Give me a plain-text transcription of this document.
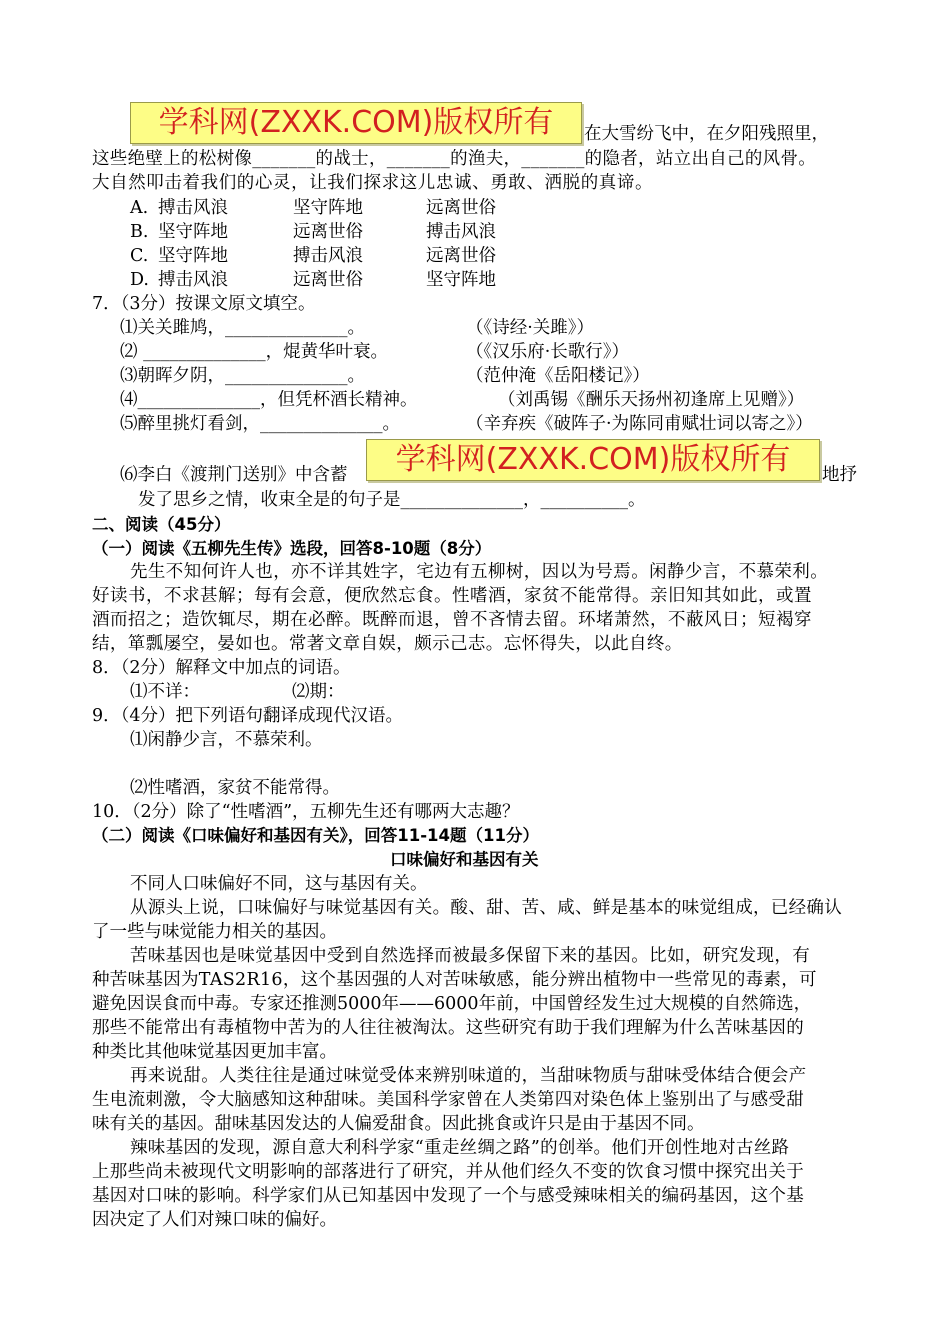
学科网(ZXXK.COM)版权所有	在大雪纷飞中，在夕阳残照里，
这些绝壁上的松树像_______的战士，_______的渔夫，_______的隐者，站立出自己的风骨。
大自然叩击着我们的心灵，让我们探求这儿忠诚、勇敢、洒脱的真谛。
A. 搏击风浪	坚守阵地	远离世俗
B. 坚守阵地	远离世俗	搏击风浪
C. 坚守阵地	搏击风浪	远离世俗
D. 搏击风浪	远离世俗	坚守阵地
7．（3分）按课文原文填空。
⑴关关雎鸠，______________。	（《诗经·关雎》）
⑵ ______________，焜黄华叶衰。	（《汉乐府·长歌行》）
⑶朝晖夕阴，______________。	（范仲淹《岳阳楼记》）
⑷______________，但凭杯酒长精神。	（刘禹锡《酬乐天扬州初逢席上见赠》）
⑸醉里挑灯看剑，______________。	（辛弃疾《破阵子·为陈同甫赋壮词以寄之》）
⑹李白《渡荆门送别》中含蓄	地抒
学科网(ZXXK.COM)版权所有
发了思乡之情，收束全是的句子是______________，__________。
二、阅读（45分）
（一）阅读《五柳先生传》选段，回答8-10题（8分）
先生不知何许人也，亦不详其姓字，宅边有五柳树，因以为号焉。闲静少言，不慕荣利。
好读书，不求甚解；每有会意，便欣然忘食。性嗜酒，家贫不能常得。亲旧知其如此，或置
酒而招之；造饮辄尽，期在必醉。既醉而退，曾不吝情去留。环堵萧然，不蔽风日；短褐穿
结，箪瓢屡空，晏如也。常著文章自娱，颇示己志。忘怀得失，以此自终。
8．（2分）解释文中加点的词语。
⑴不详：	⑵期：
9．（4分）把下列语句翻译成现代汉语。
⑴闲静少言，不慕荣利。
⑵性嗜酒，家贫不能常得。
10．（2分）除了“性嗜酒”，五柳先生还有哪两大志趣？
（二）阅读《口味偏好和基因有关》，回答11-14题（11分）
口味偏好和基因有关
不同人口味偏好不同，这与基因有关。
从源头上说，口味偏好与味觉基因有关。酸、甜、苦、咸、鲜是基本的味觉组成，已经确认
了一些与味觉能力相关的基因。
苦味基因也是味觉基因中受到自然选择而被最多保留下来的基因。比如，研究发现，有
种苦味基因为TAS2R16，这个基因强的人对苦味敏感，能分辨出植物中一些常见的毒素，可
避免因误食而中毒。专家还推测5000年——6000年前，中国曾经发生过大规模的自然筛选，
那些不能常出有毒植物中苦为的人往往被淘汰。这些研究有助于我们理解为什么苦味基因的
种类比其他味觉基因更加丰富。
再来说甜。人类往往是通过味觉受体来辨别味道的，当甜味物质与甜味受体结合便会产
生电流刺激，令大脑感知这种甜味。美国科学家曾在人类第四对染色体上鉴别出了与感受甜
味有关的基因。甜味基因发达的人偏爱甜食。因此挑食或许只是由于基因不同。
辣味基因的发现，源自意大利科学家“重走丝绸之路”的创举。他们开创性地对古丝路
上那些尚未被现代文明影响的部落进行了研究，并从他们经久不变的饮食习惯中探究出关于
基因对口味的影响。科学家们从已知基因中发现了一个与感受辣味相关的编码基因，这个基
因决定了人们对辣口味的偏好。
